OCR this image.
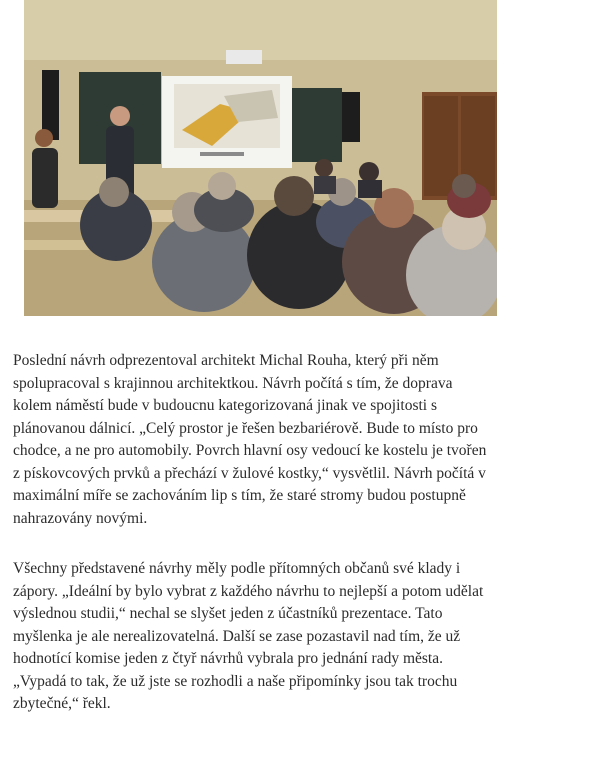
Poslední návrh odprezentoval architekt Michal Rouha, který při něm spolupracoval s krajinnou architektkou. Návrh počítá s tím, že doprava kolem náměstí bude v budoucnu kategorizovaná jinak ve spojitosti s plánovanou dálnicí. „Celý prostor je řešen bezbariérově. Bude to místo pro chodce, a ne pro automobily. Povrch hlavní osy vedoucí ke kostelu je tvořen z pískovcových prvků a přechází v žulové kostky,“ vysvětlil. Návrh počítá v maximální míře se zachováním lip s tím, že staré stromy budou postupně nahrazovány novými.

Všechny představené návrhy měly podle přítomných občanů své klady i zápory. „Ideální by bylo vybrat z každého návrhu to nejlepší a potom udělat výslednou studii,“ nechal se slyšet jeden z účastníků prezentace. Tato myšlenka je ale nerealizovatelná. Další se zase pozastavil nad tím, že už hodnotící komise jeden z čtyř návrhů vybrala pro jednání rady města. „Vypadá to tak, že už jste se rozhodli a naše připomínky jsou tak trochu zbytečné,“ řekl.
